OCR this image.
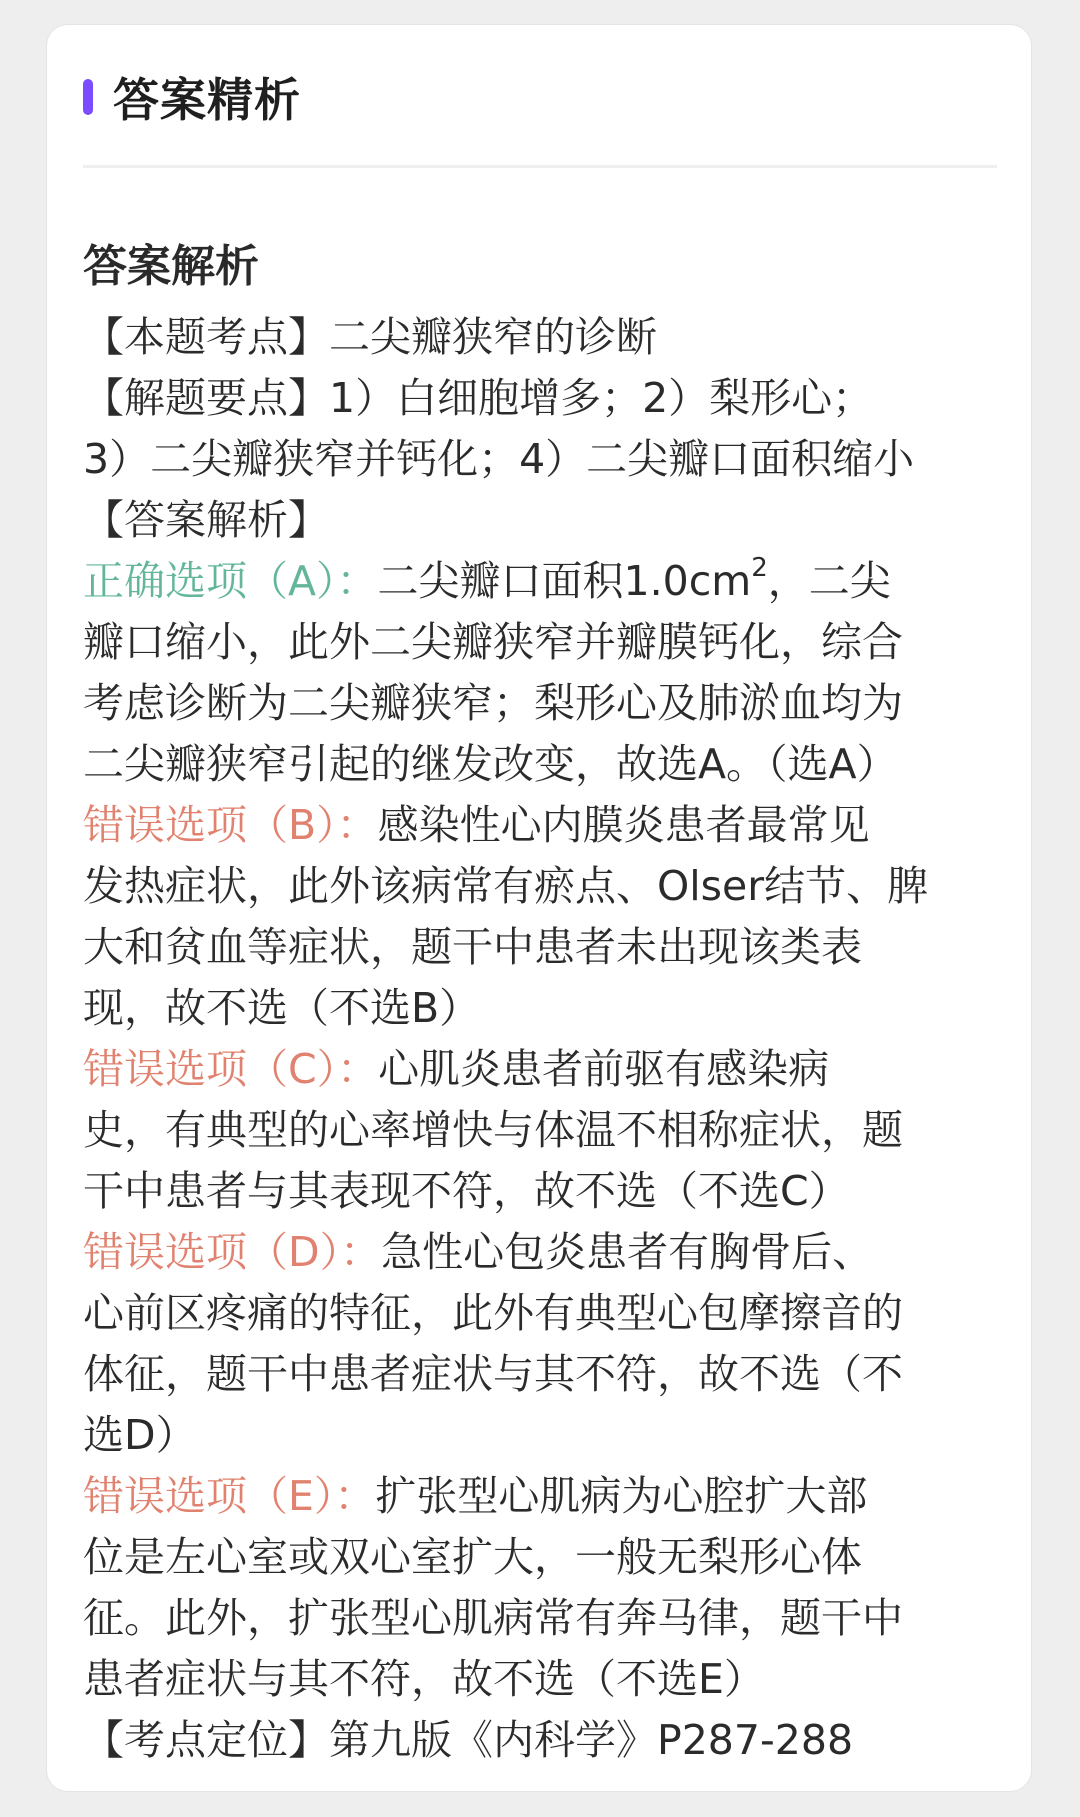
答案精析
答案解析
【本题考点】二尖瓣狭窄的诊断
【解题要点】1）白细胞增多；2）梨形心；
3）二尖瓣狭窄并钙化；4）二尖瓣口面积缩小
【答案解析】
正确选项（A）：二尖瓣口面积$1.0cm^2$，二尖
瓣口缩小，此外二尖瓣狭窄并瓣膜钙化，综合
考虑诊断为二尖瓣狭窄；梨形心及肺淤血均为
二尖瓣狭窄引起的继发改变，故选A。（选A）
错误选项（B）：感染性心内膜炎患者最常见
发热症状，此外该病常有瘀点、Olser结节、脾
大和贫血等症状，题干中患者未出现该类表
现，故不选（不选B）
错误选项（C）：心肌炎患者前驱有感染病
史，有典型的心率增快与体温不相称症状，题
干中患者与其表现不符，故不选（不选C）
错误选项（D）：急性心包炎患者有胸骨后、
心前区疼痛的特征，此外有典型心包摩擦音的
体征，题干中患者症状与其不符，故不选（不
选D）
错误选项（E）：扩张型心肌病为心腔扩大部
位是左心室或双心室扩大，一般无梨形心体
征。此外，扩张型心肌病常有奔马律，题干中
患者症状与其不符，故不选（不选E）
【考点定位】第九版《内科学》P287-288
